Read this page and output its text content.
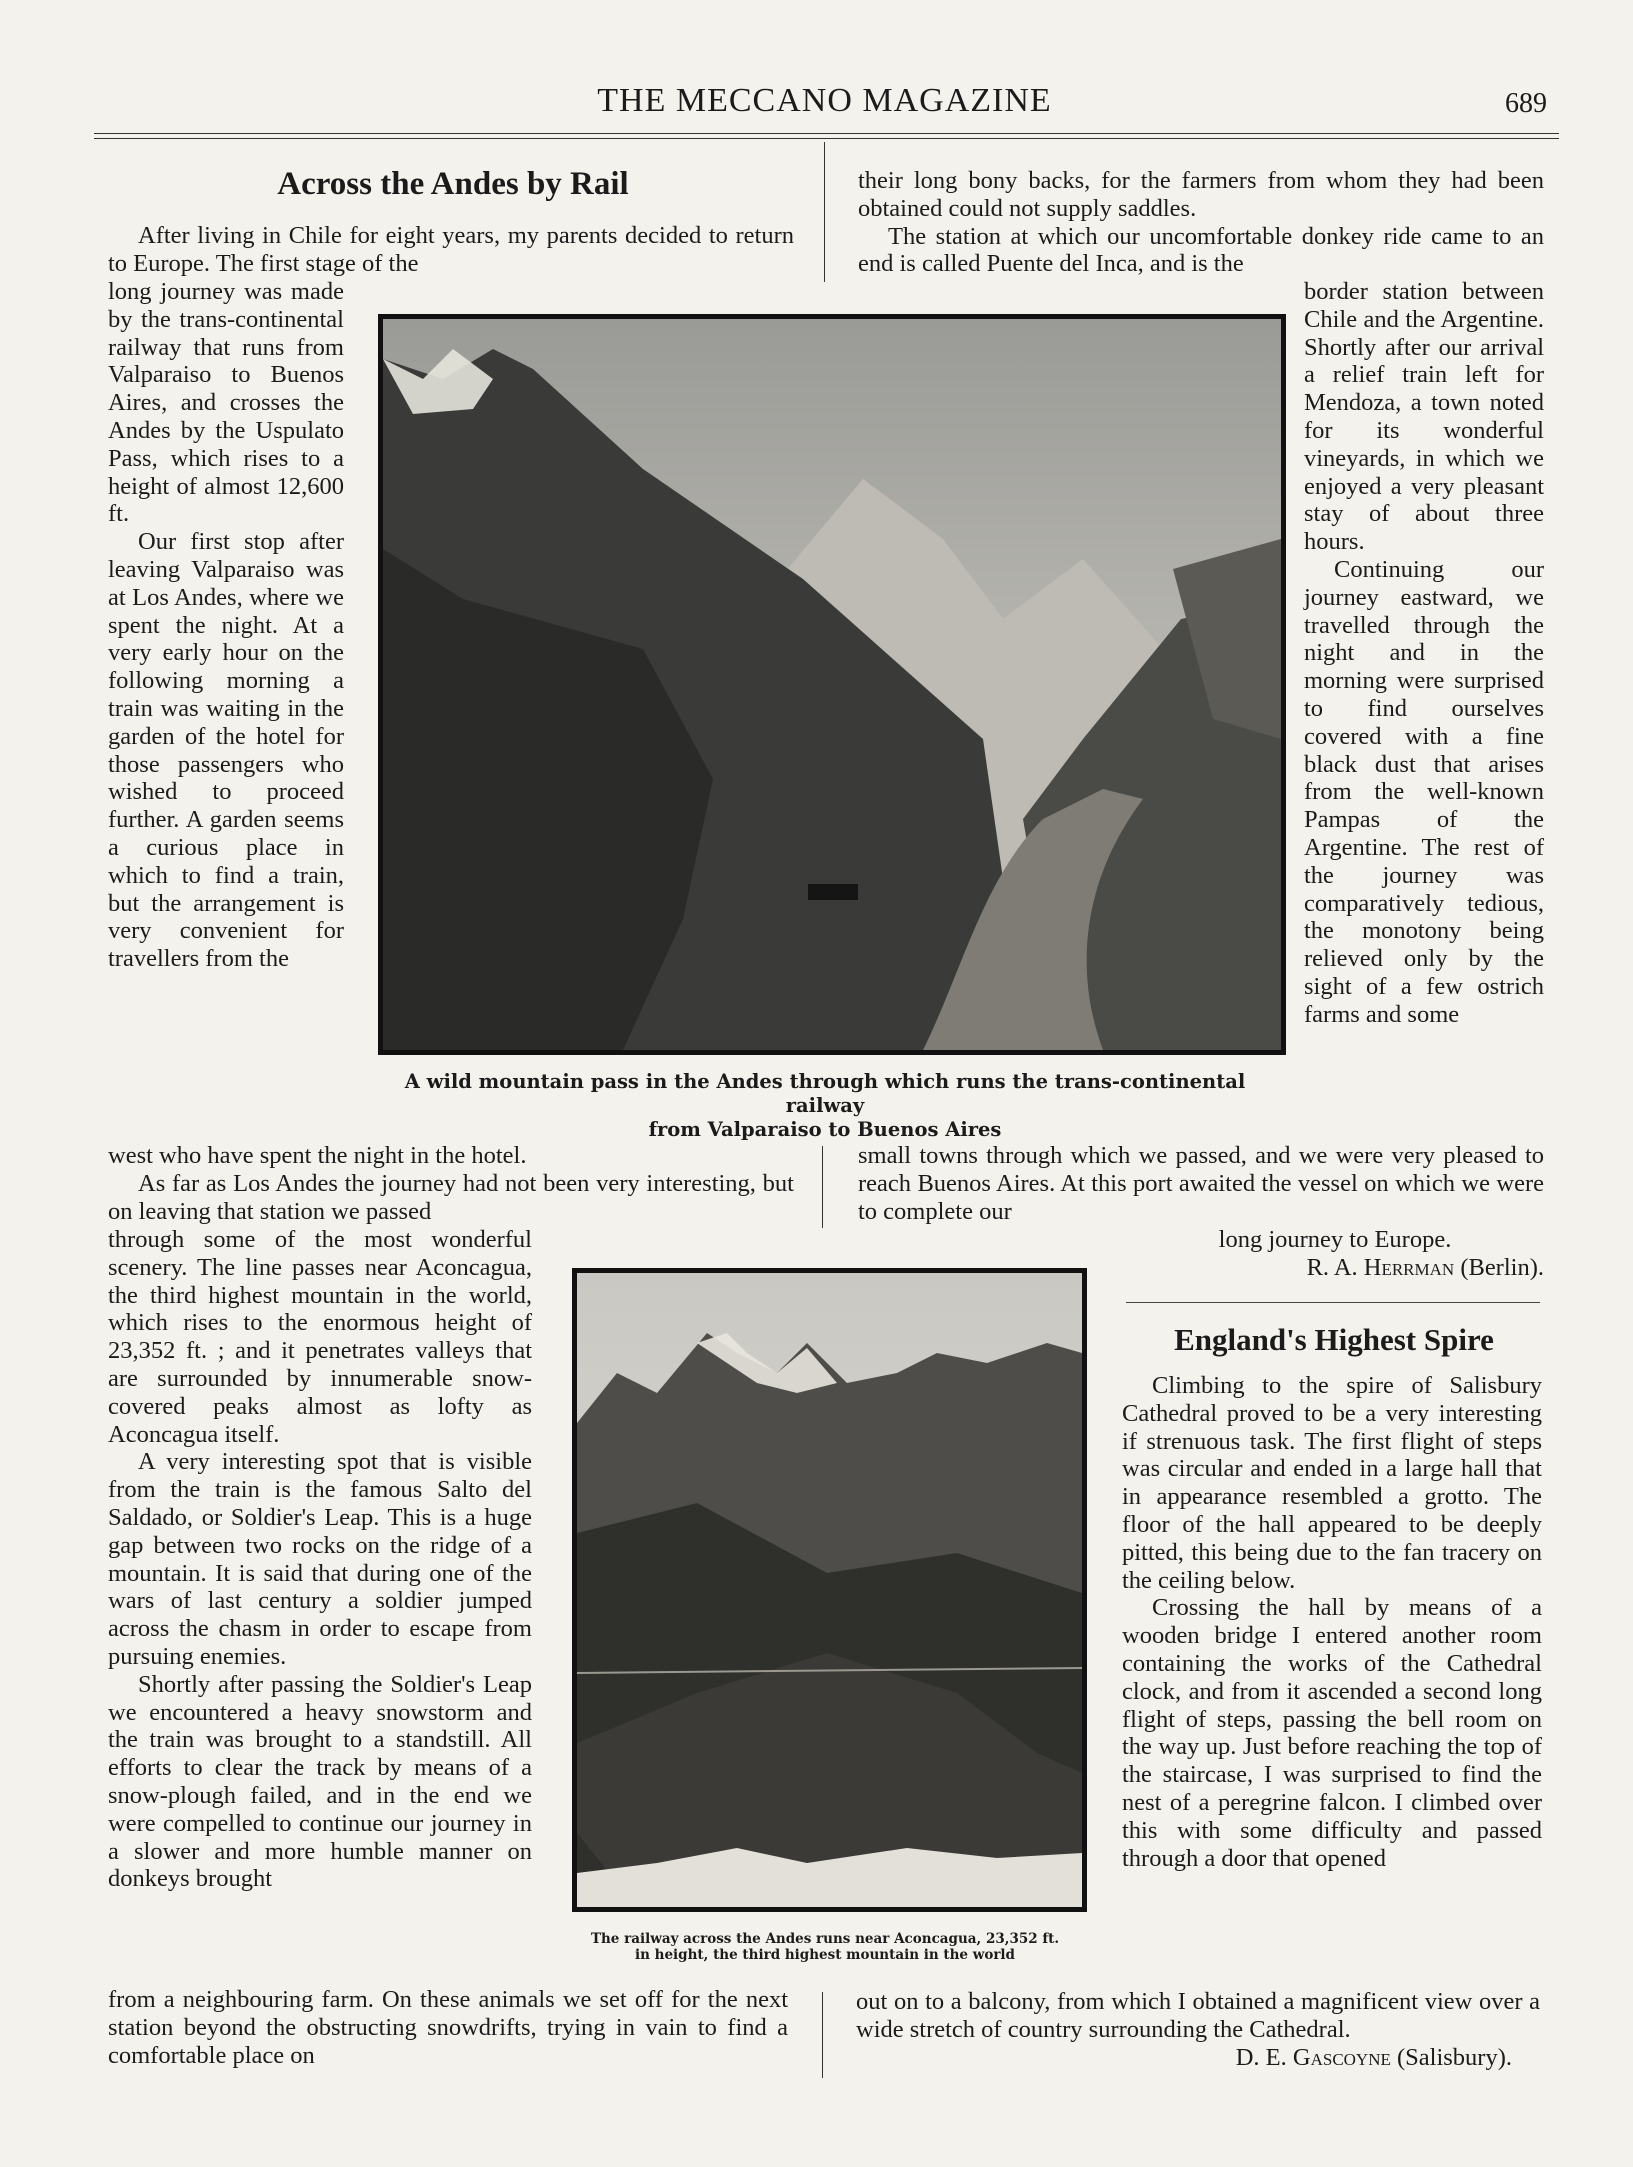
THE MECCANO MAGAZINE	689
Across the Andes by Rail

After living in Chile for eight years, my parents decided to return to Europe. The first stage of the

long journey was made by the trans-continental railway that runs from Valparaiso to Buenos Aires, and crosses the Andes by the Uspulato Pass, which rises to a height of almost 12,600 ft.

Our first stop after leaving Valparaiso was at Los Andes, where we spent the night. At a very early hour on the following morning a train was waiting in the garden of the hotel for those passengers who wished to proceed further. A garden seems a curious place in which to find a train, but the arrangement is very convenient for travellers from the

A wild mountain pass in the Andes through which runs the trans-continental railway
from Valparaiso to Buenos Aires

west who have spent the night in the hotel.

As far as Los Andes the journey had not been very interesting, but on leaving that station we passed

through some of the most wonderful scenery. The line passes near Aconcagua, the third highest mountain in the world, which rises to the enormous height of 23,352 ft. ; and it penetrates valleys that are surrounded by innumerable snow-covered peaks almost as lofty as Aconcagua itself.

A very interesting spot that is visible from the train is the famous Salto del Saldado, or Soldier's Leap. This is a huge gap between two rocks on the ridge of a mountain. It is said that during one of the wars of last century a soldier jumped across the chasm in order to escape from pursuing enemies.

Shortly after passing the Soldier's Leap we encountered a heavy snowstorm and the train was brought to a standstill. All efforts to clear the track by means of a snow-plough failed, and in the end we were compelled to continue our journey in a slower and more humble manner on donkeys brought

The railway across the Andes runs near Aconcagua, 23,352 ft.
in height, the third highest mountain in the world

from a neighbouring farm. On these animals we set off for the next station beyond the obstructing snowdrifts, trying in vain to find a comfortable place on

their long bony backs, for the farmers from whom they had been obtained could not supply saddles.

The station at which our uncomfortable donkey ride came to an end is called Puente del Inca, and is the

border station between Chile and the Argentine. Shortly after our arrival a relief train left for Mendoza, a town noted for its wonderful vineyards, in which we enjoyed a very pleasant stay of about three hours.

Continuing our journey eastward, we travelled through the night and in the morning were surprised to find ourselves covered with a fine black dust that arises from the well-known Pampas of the Argentine. The rest of the journey was comparatively tedious, the monotony being relieved only by the sight of a few ostrich farms and some

small towns through which we passed, and we were very pleased to reach Buenos Aires. At this port awaited the vessel on which we were to complete our

long journey to Europe.

R. A. Herrman (Berlin).
England's Highest Spire

Climbing to the spire of Salisbury Cathedral proved to be a very interesting if strenuous task. The first flight of steps was circular and ended in a large hall that in appearance resembled a grotto. The floor of the hall appeared to be deeply pitted, this being due to the fan tracery on the ceiling below.

Crossing the hall by means of a wooden bridge I entered another room containing the works of the Cathedral clock, and from it ascended a second long flight of steps, passing the bell room on the way up. Just before reaching the top of the staircase, I was surprised to find the nest of a peregrine falcon. I climbed over this with some difficulty and passed through a door that opened

out on to a balcony, from which I obtained a magnificent view over a wide stretch of country surrounding the Cathedral.

D. E. Gascoyne (Salisbury).
